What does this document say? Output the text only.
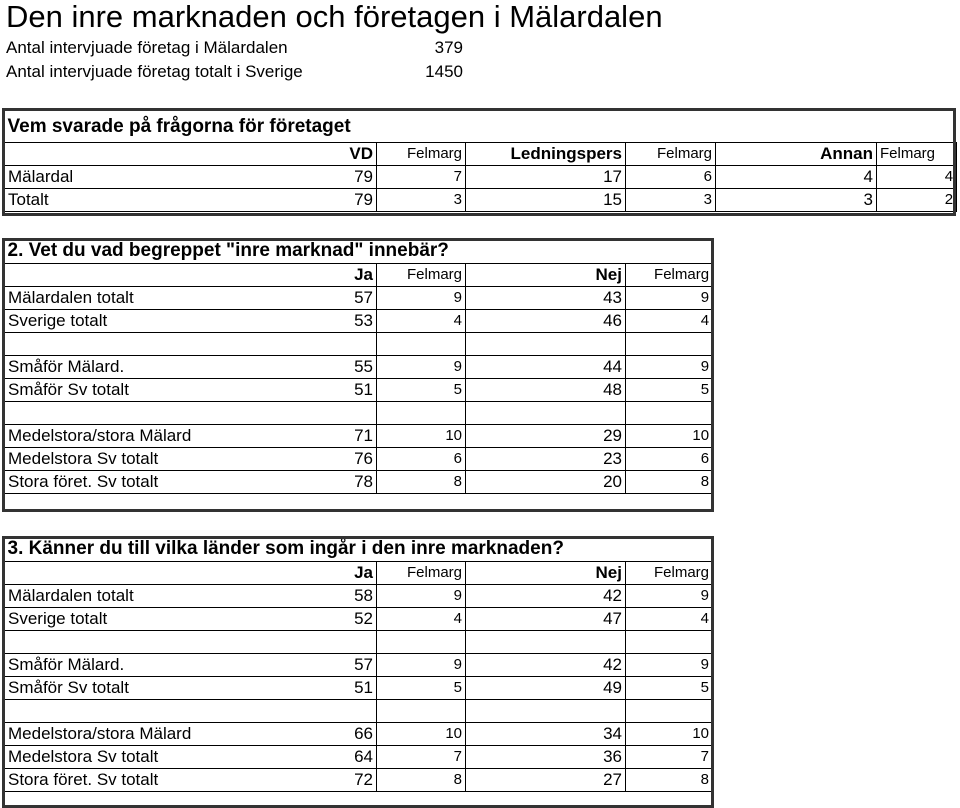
Den inre marknaden och företagen i Mälardalen
Antal intervjuade företag i Mälardalen	379
Antal intervjuade företag totalt i Sverige	1450
Vem svarade på frågorna för företaget					
VD	Felmarg	Ledningspers	Felmarg	Annan	Felmarg
Mälardal 79	7	17	6	4	4
Totalt 79	3	15	3	3	2
2. Vet du vad begreppet "inre marknad" innebär?			
Ja	Felmarg	Nej	Felmarg
Mälardalen totalt 57	9	43	9
Sverige totalt 53	4	46	4

Småför Mälard. 55	9	44	9
Småför Sv totalt 51	5	48	5

Medelstora/stora Mälard 71	10	29	10
Medelstora Sv totalt 76	6	23	6
Stora föret. Sv totalt 78	8	20	8
3. Känner du till vilka länder som ingår i den inre marknaden?			
Ja	Felmarg	Nej	Felmarg
Mälardalen totalt 58	9	42	9
Sverige totalt 52	4	47	4

Småför Mälard. 57	9	42	9
Småför Sv totalt 51	5	49	5

Medelstora/stora Mälard 66	10	34	10
Medelstora Sv totalt 64	7	36	7
Stora föret. Sv totalt 72	8	27	8
